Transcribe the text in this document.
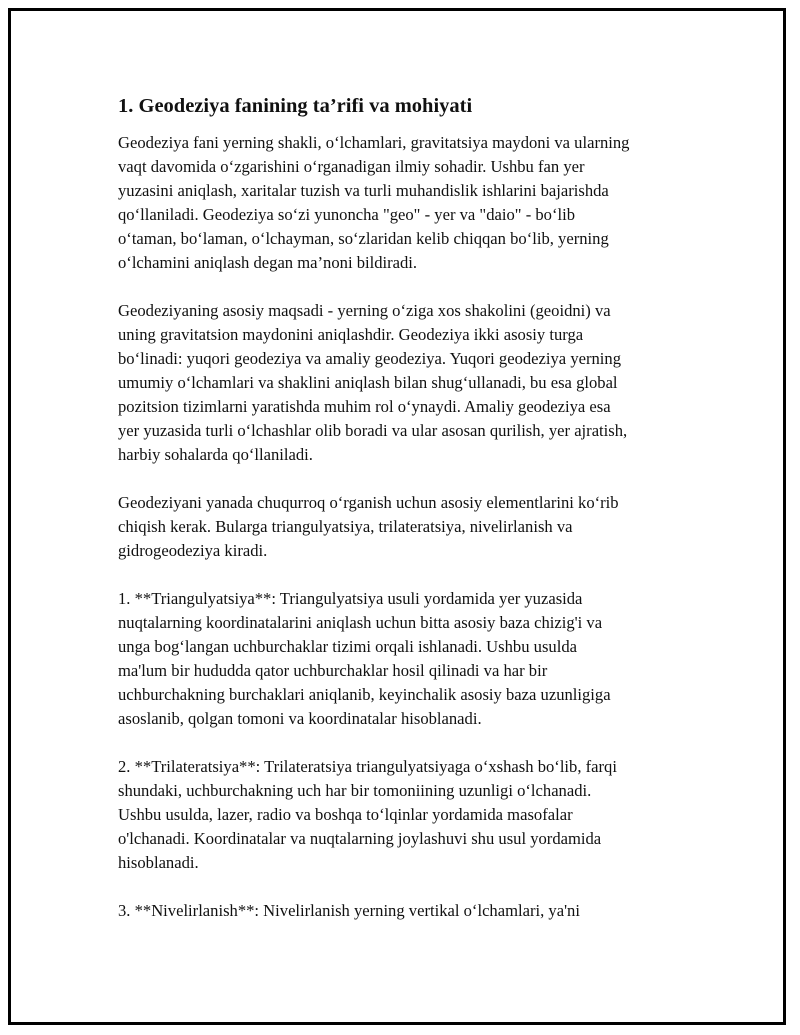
1. Geodeziya fanining ta’rifi va mohiyati

Geodeziya fani yerning shakli, o‘lchamlari, gravitatsiya maydoni va ularning
vaqt davomida o‘zgarishini o‘rganadigan ilmiy sohadir. Ushbu fan yer
yuzasini aniqlash, xaritalar tuzish va turli muhandislik ishlarini bajarishda
qo‘llaniladi. Geodeziya so‘zi yunoncha "geo" - yer va "daio" - bo‘lib
o‘taman, bo‘laman, o‘lchayman, so‘zlaridan kelib chiqqan bo‘lib, yerning
o‘lchamini aniqlash degan ma’noni bildiradi.

Geodeziyaning asosiy maqsadi - yerning o‘ziga xos shakolini (geoidni) va
uning gravitatsion maydonini aniqlashdir. Geodeziya ikki asosiy turga
bo‘linadi: yuqori geodeziya va amaliy geodeziya. Yuqori geodeziya yerning
umumiy o‘lchamlari va shaklini aniqlash bilan shug‘ullanadi, bu esa global
pozitsion tizimlarni yaratishda muhim rol o‘ynaydi. Amaliy geodeziya esa
yer yuzasida turli o‘lchashlar olib boradi va ular asosan qurilish, yer ajratish,
harbiy sohalarda qo‘llaniladi.

Geodeziyani yanada chuqurroq o‘rganish uchun asosiy elementlarini ko‘rib
chiqish kerak. Bularga triangulyatsiya, trilateratsiya, nivelirlanish va
gidrogeodeziya kiradi.

1. **Triangulyatsiya**: Triangulyatsiya usuli yordamida yer yuzasida
nuqtalarning koordinatalarini aniqlash uchun bitta asosiy baza chizig'i va
unga bog‘langan uchburchaklar tizimi orqali ishlanadi. Ushbu usulda
ma'lum bir hududda qator uchburchaklar hosil qilinadi va har bir
uchburchakning burchaklari aniqlanib, keyinchalik asosiy baza uzunligiga
asoslanib, qolgan tomoni va koordinatalar hisoblanadi.

2. **Trilateratsiya**: Trilateratsiya triangulyatsiyaga o‘xshash bo‘lib, farqi
shundaki, uchburchakning uch har bir tomoniining uzunligi o‘lchanadi.
Ushbu usulda, lazer, radio va boshqa to‘lqinlar yordamida masofalar
o'lchanadi. Koordinatalar va nuqtalarning joylashuvi shu usul yordamida
hisoblanadi.

3. **Nivelirlanish**: Nivelirlanish yerning vertikal o‘lchamlari, ya'ni
